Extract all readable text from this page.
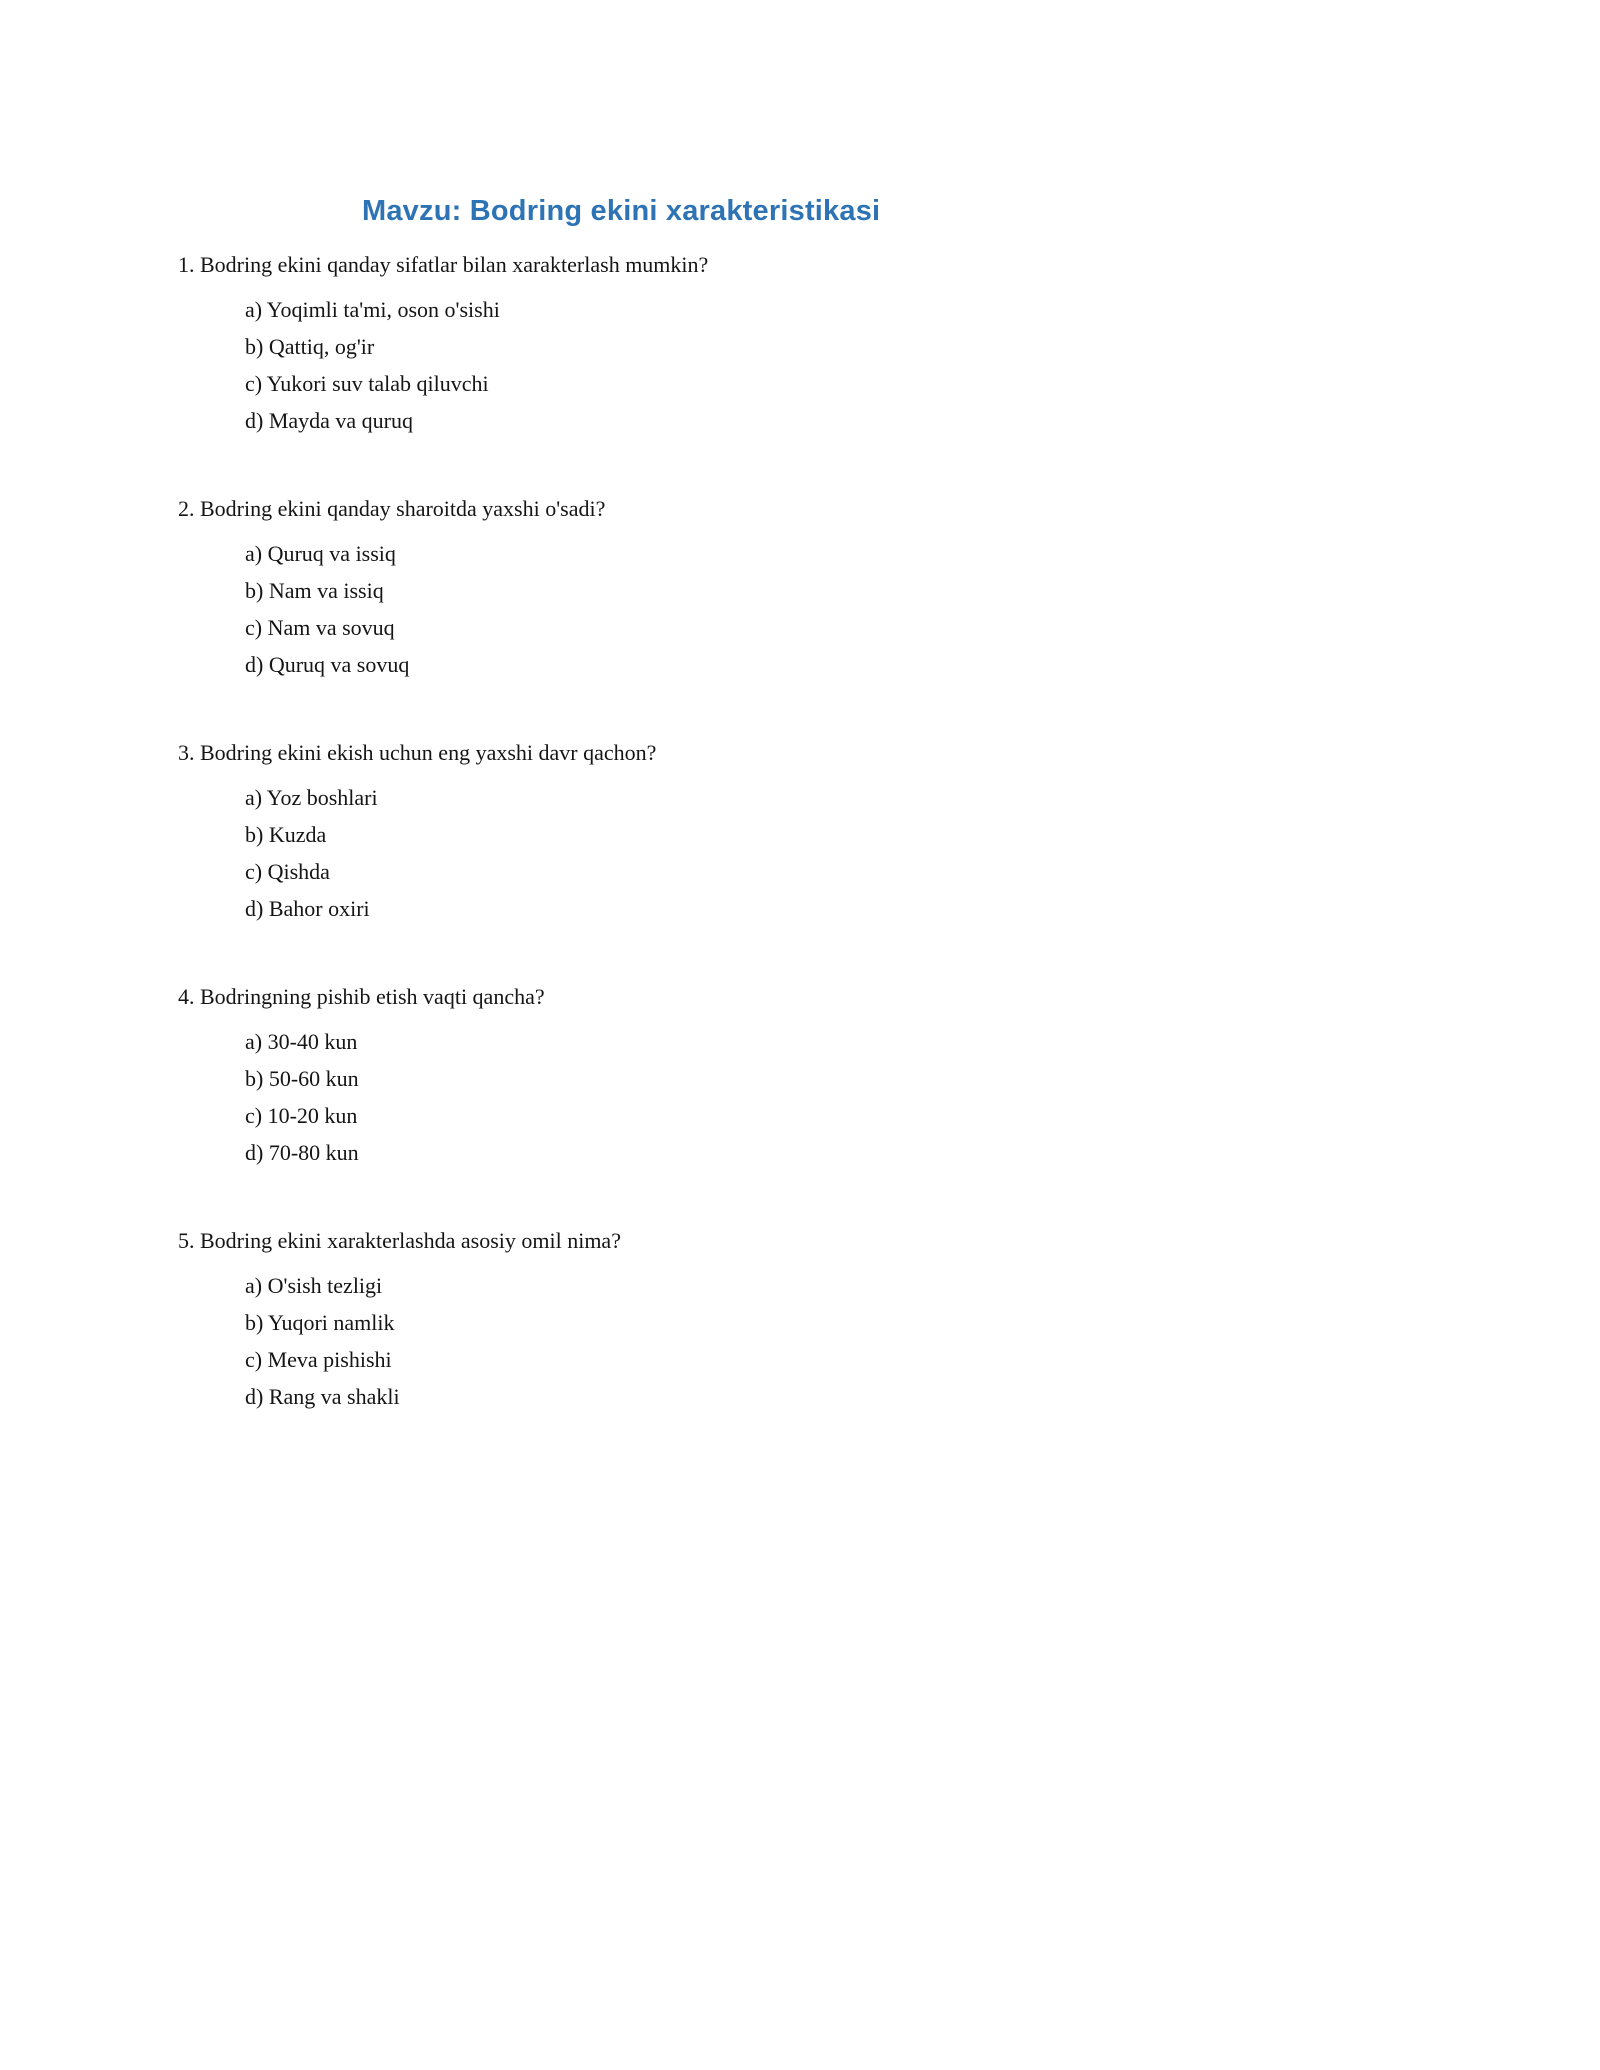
Mavzu: Bodring ekini xarakteristikasi

1. Bodring ekini qanday sifatlar bilan xarakterlash mumkin?

a) Yoqimli ta'mi, oson o'sishi

b) Qattiq, og'ir

c) Yukori suv talab qiluvchi

d) Mayda va quruq

2. Bodring ekini qanday sharoitda yaxshi o'sadi?

a) Quruq va issiq

b) Nam va issiq

c) Nam va sovuq

d) Quruq va sovuq

3. Bodring ekini ekish uchun eng yaxshi davr qachon?

a) Yoz boshlari

b) Kuzda

c) Qishda

d) Bahor oxiri

4. Bodringning pishib etish vaqti qancha?

a) 30-40 kun

b) 50-60 kun

c) 10-20 kun

d) 70-80 kun

5. Bodring ekini xarakterlashda asosiy omil nima?

a) O'sish tezligi

b) Yuqori namlik

c) Meva pishishi

d) Rang va shakli
